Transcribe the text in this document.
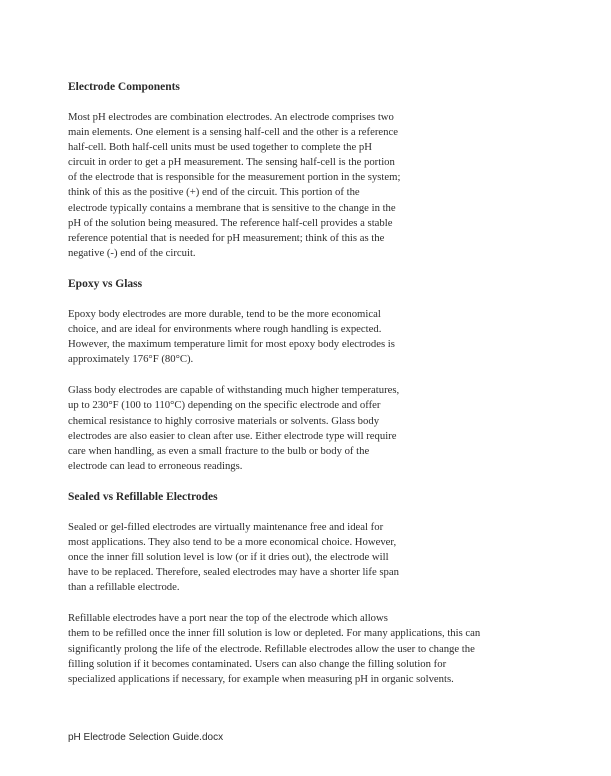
Electrode Components

Most pH electrodes are combination electrodes. An electrode comprises two
main elements. One element is a sensing half-cell and the other is a reference
half-cell. Both half-cell units must be used together to complete the pH
circuit in order to get a pH measurement. The sensing half-cell is the portion
of the electrode that is responsible for the measurement portion in the system;
think of this as the positive (+) end of the circuit. This portion of the
electrode typically contains a membrane that is sensitive to the change in the
pH of the solution being measured. The reference half-cell provides a stable
reference potential that is needed for pH measurement; think of this as the
negative (-) end of the circuit.

Epoxy vs Glass

Epoxy body electrodes are more durable, tend to be the more economical
choice, and are ideal for environments where rough handling is expected.
However, the maximum temperature limit for most epoxy body electrodes is
approximately 176°F (80°C).

Glass body electrodes are capable of withstanding much higher temperatures,
up to 230°F (100 to 110°C) depending on the specific electrode and offer
chemical resistance to highly corrosive materials or solvents. Glass body
electrodes are also easier to clean after use. Either electrode type will require
care when handling, as even a small fracture to the bulb or body of the
electrode can lead to erroneous readings.

Sealed vs Refillable Electrodes

Sealed or gel-filled electrodes are virtually maintenance free and ideal for
most applications. They also tend to be a more economical choice. However,
once the inner fill solution level is low (or if it dries out), the electrode will
have to be replaced. Therefore, sealed electrodes may have a shorter life span
than a refillable electrode.

Refillable electrodes have a port near the top of the electrode which allows
them to be refilled once the inner fill solution is low or depleted. For many applications, this can
significantly prolong the life of the electrode. Refillable electrodes allow the user to change the
filling solution if it becomes contaminated. Users can also change the filling solution for
specialized applications if necessary, for example when measuring pH in organic solvents.

pH Electrode Selection Guide.docx
